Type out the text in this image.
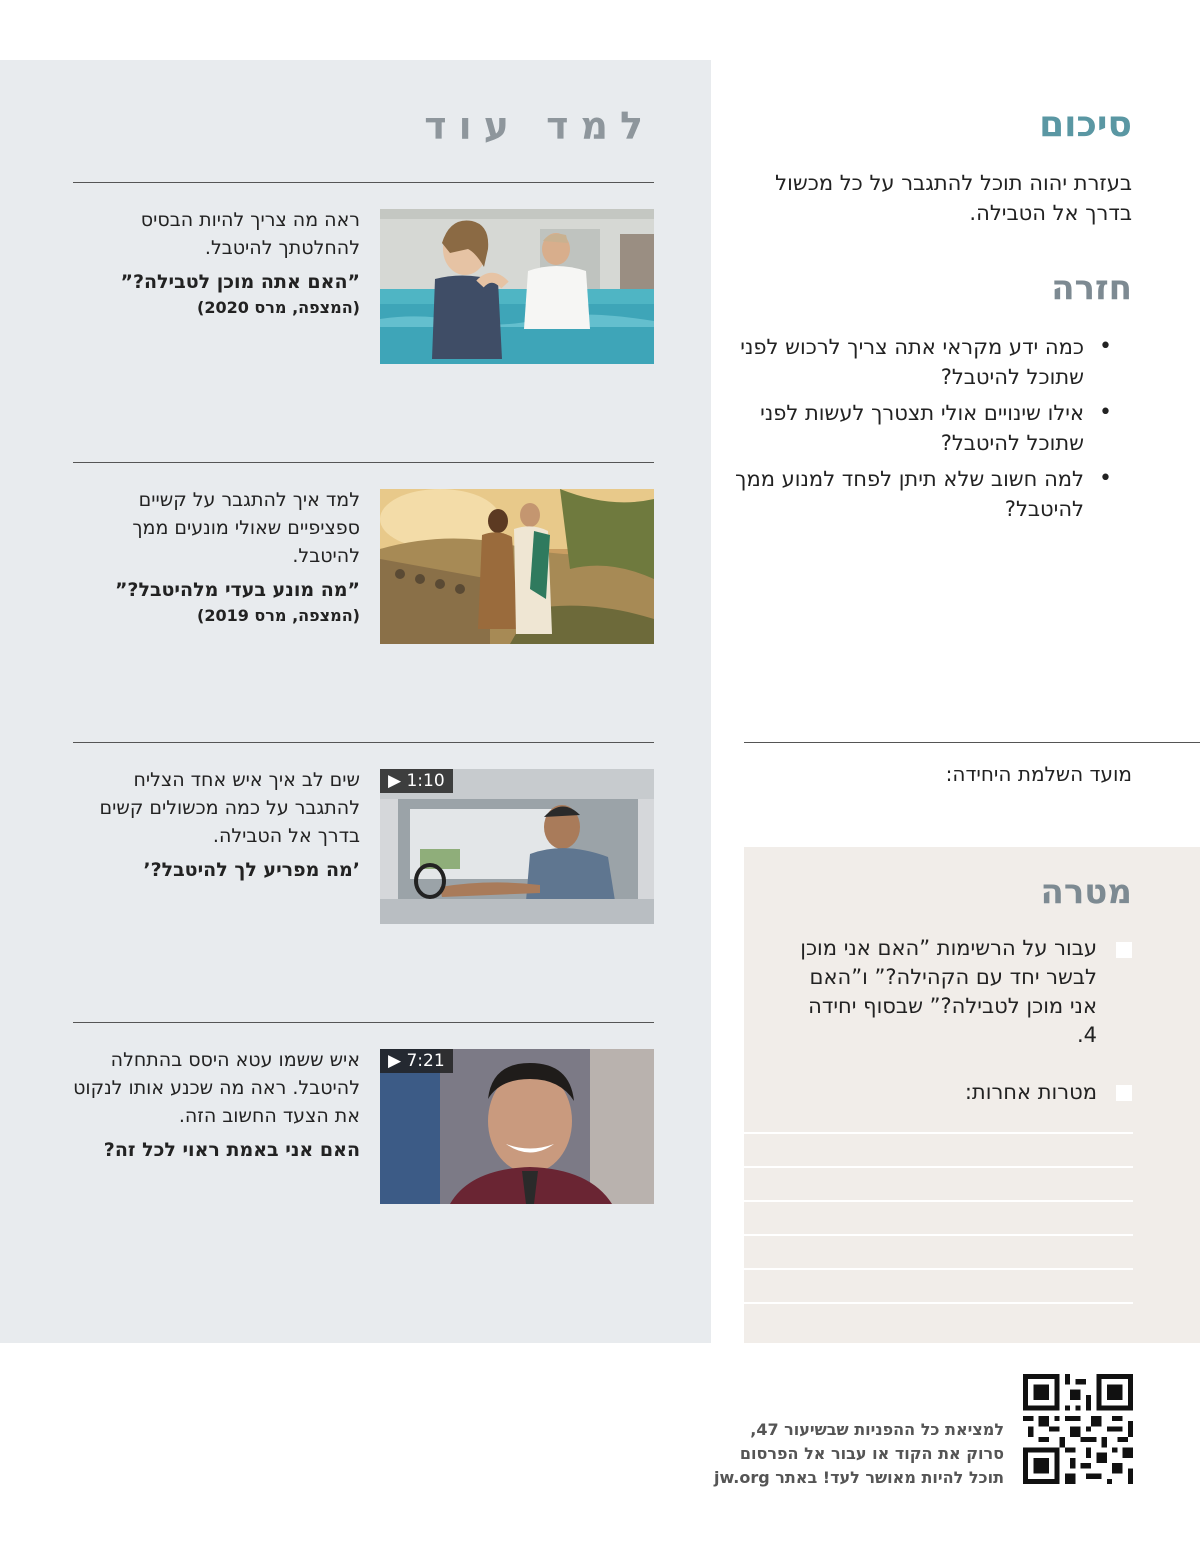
למד עוד
ראה מה צריך להיות הבסיס להחלטתך להיטבל.
”האם אתה מוכן לטבילה?”
(המצפה, מרס 2020)
למד איך להתגבר על קשיים ספציפיים שאולי מונעים ממך להיטבל.
”מה מונע בעדי מלהיטבל?”
(המצפה, מרס 2019)
שים לב איך איש אחד הצליח להתגבר על כמה מכשולים קשים בדרך אל הטבילה.
’מה מפריע לך להיטבל?’
▶ 1:10
איש ששמו עטא היסס בהתחלה להיטבל. ראה מה שכנע אותו לנקוט את הצעד החשוב הזה.
האם אני באמת ראוי לכל זה?
▶ 7:21
סיכום
בעזרת יהוה תוכל להתגבר על כל מכשול בדרך אל הטבילה.
חזרה
• כמה ידע מקראי אתה צריך לרכוש לפני שתוכל להיטבל?
• אילו שינויים אולי תצטרך לעשות לפני שתוכל להיטבל?
• למה חשוב שלא תיתן לפחד למנוע ממך להיטבל?
מועד השלמת היחידה:
מטרה
עבור על הרשימות ”האם אני מוכן לבשר יחד עם הקהילה?” ו”האם אני מוכן לטבילה?” שבסוף יחידה 4.
מטרות אחרות:
למציאת כל ההפניות שבשיעור 47,
סרוק את הקוד או עבור אל הפרסום
תוכל להיות מאושר לעד! באתר jw.org
